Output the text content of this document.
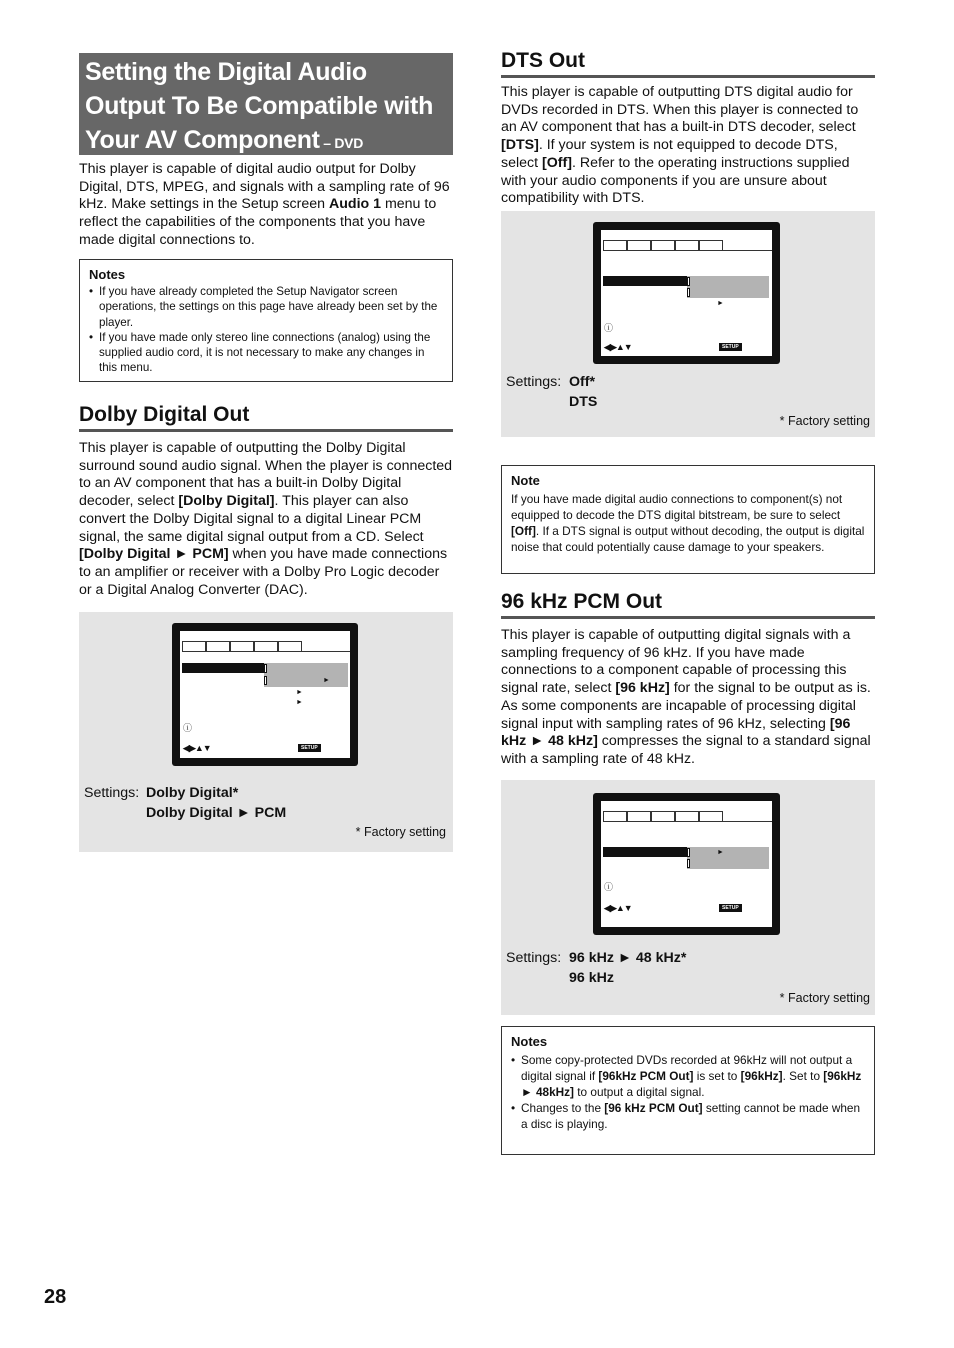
Setting the Digital Audio Output To Be Compatible with Your AV Component – DVD
This player is capable of digital audio output for Dolby Digital, DTS, MPEG, and signals with a sampling rate of 96 kHz. Make settings in the Setup screen Audio 1 menu to reflect the capabilities of the components that you have made digital connections to.
Notes
• If you have already completed the Setup Navigator screen operations, the settings on this page have already been set by the player.
• If you have made only stereo line connections (analog) using the supplied audio cord, it is not necessary to make any changes in this menu.
Dolby Digital Out
This player is capable of outputting the Dolby Digital surround sound audio signal. When the player is connected to an AV component that has a built-in Dolby Digital decoder, select [Dolby Digital]. This player can also convert the Dolby Digital signal to a digital Linear PCM signal, the same digital signal output from a CD. Select [Dolby Digital ► PCM] when you have made connections to an amplifier or receiver with a Dolby Pro Logic decoder or a Digital Analog Converter (DAC).
►
►
►
ⓘ
◀▶▲▼	SETUP
Settings: Dolby Digital*
Dolby Digital ► PCM
* Factory setting
DTS Out
This player is capable of outputting DTS digital audio for DVDs recorded in DTS. When this player is connected to an AV component that has a built-in DTS decoder, select [DTS]. If your system is not equipped to decode DTS, select [Off]. Refer to the operating instructions supplied with your audio components if you are unsure about compatibility with DTS.
►
ⓘ
◀▶▲▼	SETUP
Settings: Off*
DTS
* Factory setting
Note
If you have made digital audio connections to component(s) not equipped to decode the DTS digital bitstream, be sure to select [Off]. If a DTS signal is output without decoding, the output is digital noise that could potentially cause damage to your speakers.
96 kHz PCM Out
This player is capable of outputting digital signals with a sampling frequency of 96 kHz. If you have made connections to a component capable of processing this signal rate, select [96 kHz] for the signal to be output as is. As some components are incapable of processing digital signal input with sampling rates of 96 kHz, selecting [96 kHz ► 48 kHz] compresses the signal to a standard signal with a sampling rate of 48 kHz.
►
ⓘ
◀▶▲▼	SETUP
Settings: 96 kHz ► 48 kHz*
96 kHz
* Factory setting
Notes
• Some copy-protected DVDs recorded at 96kHz will not output a digital signal if [96kHz PCM Out] is set to [96kHz]. Set to [96kHz ► 48kHz] to output a digital signal.
• Changes to the [96 kHz PCM Out] setting cannot be made when a disc is playing.
28
